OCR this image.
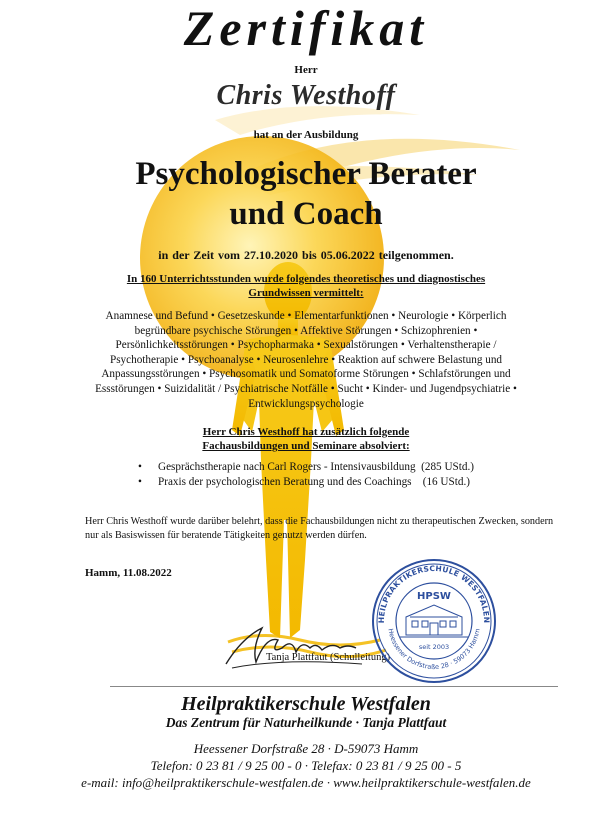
Zertifikat
Herr
Chris Westhoff
hat an der Ausbildung
Psychologischer Berater
und Coach
in der Zeit vom 27.10.2020 bis 05.06.2022 teilgenommen.
In 160 Unterrichtsstunden wurde folgendes theoretisches und diagnostisches
Grundwissen vermittelt:
Anamnese und Befund • Gesetzeskunde • Elementarfunktionen • Neurologie • Körperlich begründbare psychische Störungen • Affektive Störungen • Schizophrenien • Persönlichkeitsstörungen • Psychopharmaka • Sexualstörungen • Verhaltenstherapie / Psychotherapie • Psychoanalyse • Neurosenlehre • Reaktion auf schwere Belastung und Anpassungsstörungen • Psychosomatik und Somatoforme Störungen • Schlafstörungen und Essstörungen • Suizidalität / Psychiatrische Notfälle • Sucht • Kinder- und Jugendpsychiatrie • Entwicklungspsychologie
Herr Chris Westhoff hat zusätzlich folgende
Fachausbildungen und Seminare absolviert:
• Gesprächstherapie nach Carl Rogers - Intensivausbildung  (285 UStd.)
• Praxis der psychologischen Beratung und des Coachings    (16 UStd.)
Herr Chris Westhoff wurde darüber belehrt, dass die Fachausbildungen nicht zu therapeutischen Zwecken, sondern nur als Basiswissen für beratende Tätigkeiten genutzt werden dürfen.
Hamm, 11.08.2022
Tanja Plattfaut (Schulleitung)
HEILPRAKTIKERSCHULE WESTFALEN
Heessener Dorfstraße 28 · 59073 Hamm
HPSW
seit 2003
Heilpraktikerschule Westfalen
Das Zentrum für Naturheilkunde · Tanja Plattfaut
Heessener Dorfstraße 28 · D-59073 Hamm
Telefon: 0 23 81 / 9 25 00 - 0 · Telefax: 0 23 81 / 9 25 00 - 5
e-mail: info@heilpraktikerschule-westfalen.de · www.heilpraktikerschule-westfalen.de
